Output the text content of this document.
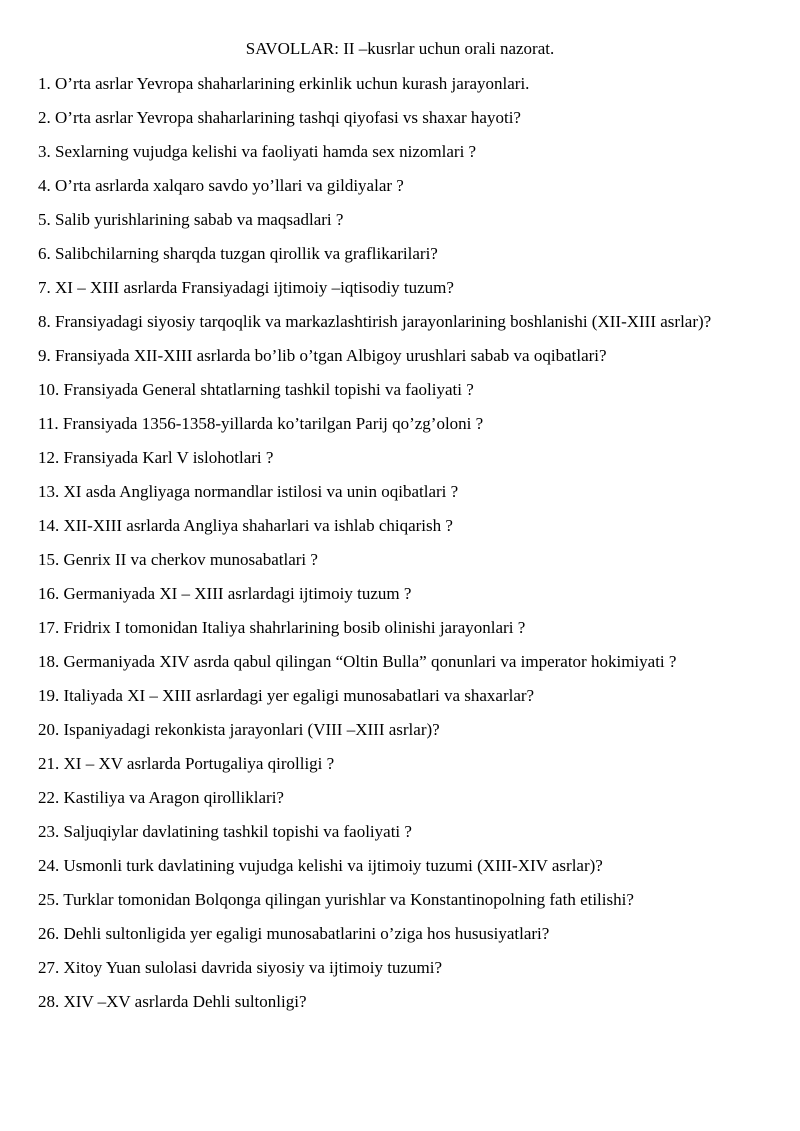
SAVOLLAR: II –kusrlar uchun orali nazorat.
1. O’rta asrlar Yevropa shaharlarining erkinlik uchun kurash jarayonlari.
2. O’rta asrlar Yevropa shaharlarining tashqi qiyofasi vs shaxar hayoti?
3. Sexlarning vujudga kelishi va faoliyati hamda sex nizomlari ?
4. O’rta asrlarda xalqaro savdo yo’llari va gildiyalar ?
5. Salib yurishlarining sabab va maqsadlari ?
6. Salibchilarning sharqda tuzgan qirollik va graflikarilari?
7. XI – XIII asrlarda Fransiyadagi ijtimoiy –iqtisodiy tuzum?
8. Fransiyadagi siyosiy tarqoqlik va markazlashtirish jarayonlarining boshlanishi (XII-XIII asrlar)?
9. Fransiyada XII-XIII asrlarda bo’lib o’tgan Albigoy urushlari sabab va oqibatlari?
10. Fransiyada General shtatlarning tashkil topishi va faoliyati ?
11. Fransiyada 1356-1358-yillarda ko’tarilgan Parij qo’zg’oloni ?
12. Fransiyada Karl V islohotlari ?
13. XI asda Angliyaga normandlar istilosi va unin oqibatlari ?
14. XII-XIII asrlarda Angliya shaharlari va ishlab chiqarish ?
15. Genrix II va cherkov munosabatlari ?
16. Germaniyada XI – XIII asrlardagi ijtimoiy tuzum ?
17. Fridrix I tomonidan Italiya shahrlarining bosib olinishi jarayonlari ?
18. Germaniyada XIV asrda qabul qilingan “Oltin Bulla” qonunlari va imperator hokimiyati ?
19. Italiyada XI – XIII asrlardagi yer egaligi munosabatlari va shaxarlar?
20. Ispaniyadagi rekonkista jarayonlari (VIII –XIII asrlar)?
21. XI – XV asrlarda Portugaliya qirolligi ?
22. Kastiliya va Aragon qirolliklari?
23. Saljuqiylar davlatining tashkil topishi va faoliyati ?
24. Usmonli turk davlatining vujudga kelishi va ijtimoiy tuzumi (XIII-XIV asrlar)?
25. Turklar tomonidan Bolqonga qilingan yurishlar va Konstantinopolning fath etilishi?
26. Dehli sultonligida yer egaligi munosabatlarini o’ziga hos hususiyatlari?
27. Xitoy Yuan sulolasi davrida siyosiy va ijtimoiy tuzumi?
28. XIV –XV asrlarda Dehli sultonligi?
